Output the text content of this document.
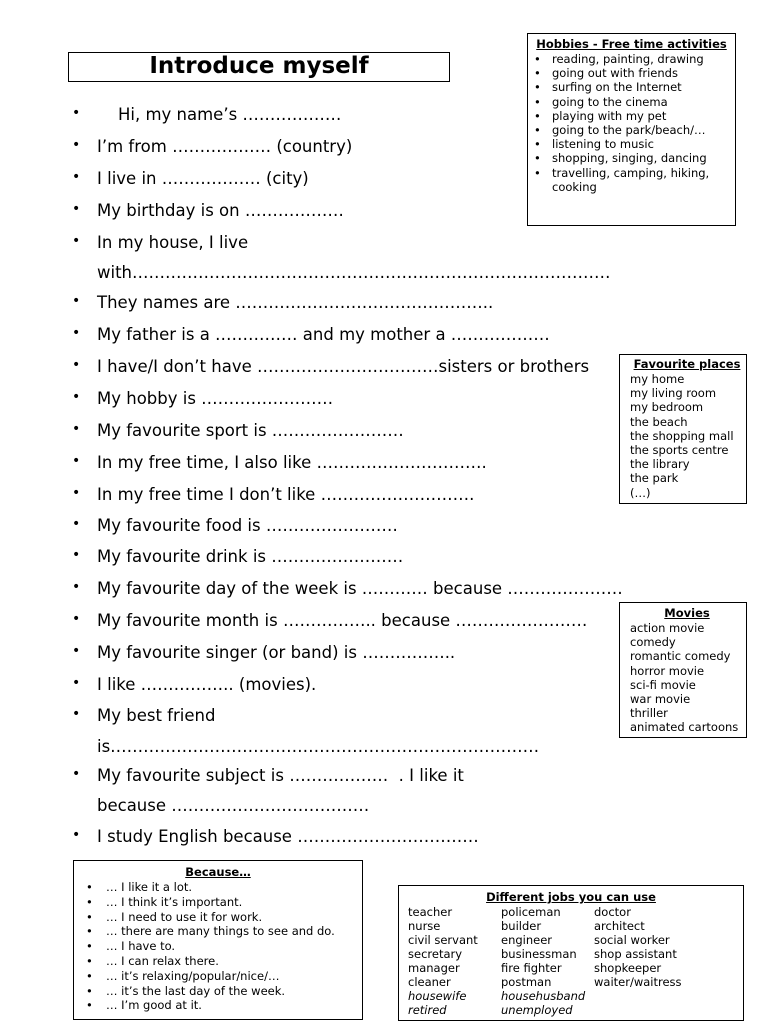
Introduce myself
• Hi, my name’s ………………
• I’m from ……………… (country)
• I live in ……………… (city)
• My birthday is on ………………
• In my house, I live
with……………………………………………………………………………
• They names are ………………………………………..
• My father is a …………… and my mother a ………………
• I have/I don’t have ……………………………sisters or brothers
• My hobby is ……………………
• My favourite sport is ……………………
• In my free time, I also like ………………………….
• In my free time I don’t like ……………………….
• My favourite food is ……………………
• My favourite drink is ……………………
• My favourite day of the week is ………… because …………………
• My favourite month is …………….. because ……………………
• My favourite singer (or band) is ……………..
• I like …………….. (movies).
• My best friend
is……………………………………………………………………
• My favourite subject is ………………  . I like it
because ………………………………
• I study English because ……………………………
Hobbies - Free time activities
• reading, painting, drawing
• going out with friends
• surfing on the Internet
• going to the cinema
• playing with my pet
• going to the park/beach/…
• listening to music
• shopping, singing, dancing
• travelling, camping, hiking,
cooking
Favourite places
my home
my living room
my bedroom
the beach
the shopping mall
the sports centre
the library
the park
(…)
Movies
action movie
comedy
romantic comedy
horror movie
sci-fi movie
war movie
thriller
animated cartoons
Because…
• … I like it a lot.
• … I think it’s important.
• … I need to use it for work.
• … there are many things to see and do.
• … I have to.
• … I can relax there.
• … it’s relaxing/popular/nice/…
• … it’s the last day of the week.
• … I’m good at it.
Different jobs you can use
teacher	policeman	doctor
nurse	builder	architect
civil servant	engineer	social worker
secretary	businessman	shop assistant
manager	fire fighter	shopkeeper
cleaner	postman	waiter/waitress
housewife	househusband
retired	unemployed
